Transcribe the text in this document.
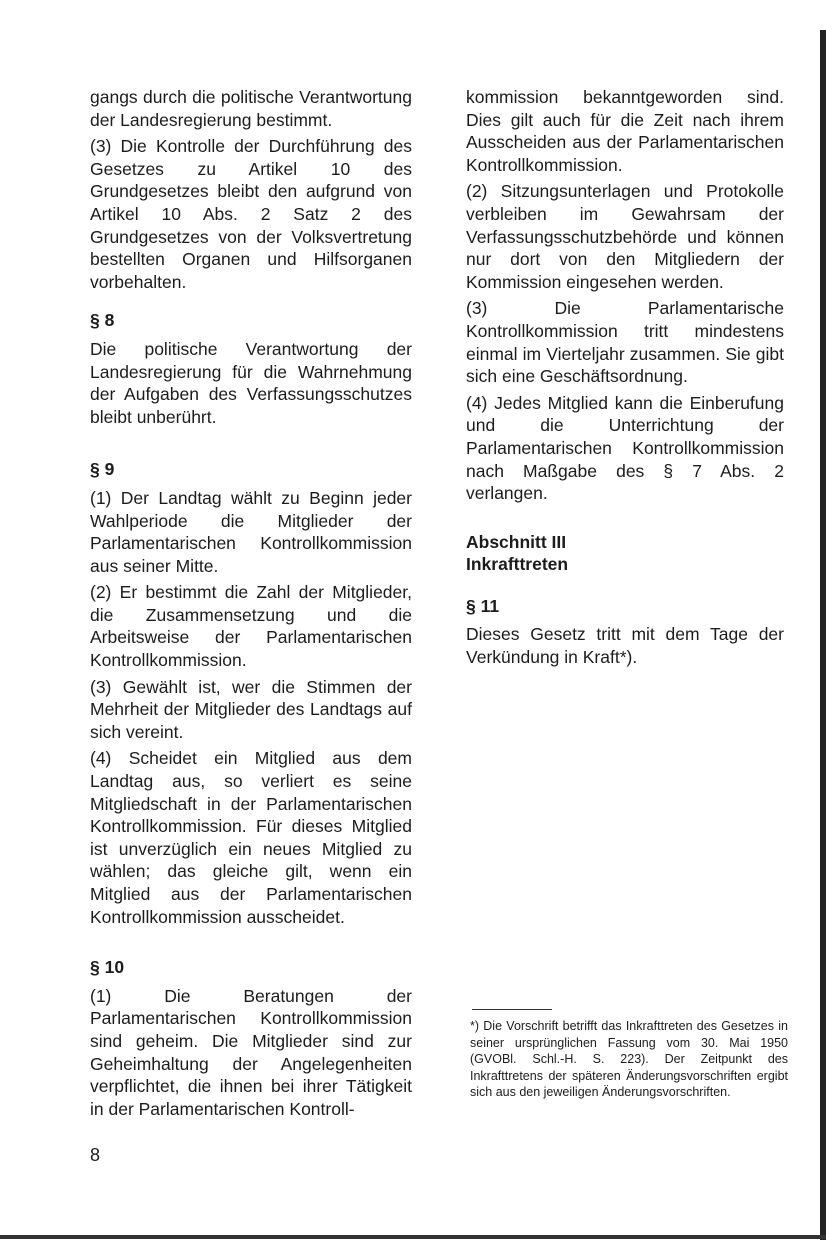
gangs durch die politische Verantwortung der Landesregierung bestimmt.

(3) Die Kontrolle der Durchführung des Gesetzes zu Artikel 10 des Grundgesetzes bleibt den aufgrund von Artikel 10 Abs. 2 Satz 2 des Grundgesetzes von der Volksvertretung bestellten Organen und Hilfsorganen vorbehalten.

§ 8

Die politische Verantwortung der Landesregierung für die Wahrnehmung der Aufgaben des Verfassungsschutzes bleibt unberührt.

§ 9

(1) Der Landtag wählt zu Beginn jeder Wahlperiode die Mitglieder der Parlamentarischen Kontrollkommission aus seiner Mitte.

(2) Er bestimmt die Zahl der Mitglieder, die Zusammensetzung und die Arbeitsweise der Parlamentarischen Kontrollkommission.

(3) Gewählt ist, wer die Stimmen der Mehrheit der Mitglieder des Landtags auf sich vereint.

(4) Scheidet ein Mitglied aus dem Landtag aus, so verliert es seine Mitgliedschaft in der Parlamentarischen Kontrollkommission. Für dieses Mitglied ist unverzüglich ein neues Mitglied zu wählen; das gleiche gilt, wenn ein Mitglied aus der Parlamentarischen Kontrollkommission ausscheidet.

§ 10

(1) Die Beratungen der Parlamentarischen Kontrollkommission sind geheim. Die Mitglieder sind zur Geheimhaltung der Angelegenheiten verpflichtet, die ihnen bei ihrer Tätigkeit in der Parlamentarischen Kontroll-

kommission bekanntgeworden sind. Dies gilt auch für die Zeit nach ihrem Ausscheiden aus der Parlamentarischen Kontrollkommission.

(2) Sitzungsunterlagen und Protokolle verbleiben im Gewahrsam der Verfassungsschutzbehörde und können nur dort von den Mitgliedern der Kommission eingesehen werden.

(3) Die Parlamentarische Kontrollkommission tritt mindestens einmal im Vierteljahr zusammen. Sie gibt sich eine Geschäftsordnung.

(4) Jedes Mitglied kann die Einberufung und die Unterrichtung der Parlamentarischen Kontrollkommission nach Maßgabe des § 7 Abs. 2 verlangen.

Abschnitt III
Inkrafttreten
§ 11

Dieses Gesetz tritt mit dem Tage der Verkündung in Kraft*).

*) Die Vorschrift betrifft das Inkrafttreten des Gesetzes in seiner ursprünglichen Fassung vom 30. Mai 1950 (GVOBl. Schl.-H. S. 223). Der Zeitpunkt des Inkrafttretens der späteren Änderungsvorschriften ergibt sich aus den jeweiligen Änderungsvorschriften.
8
